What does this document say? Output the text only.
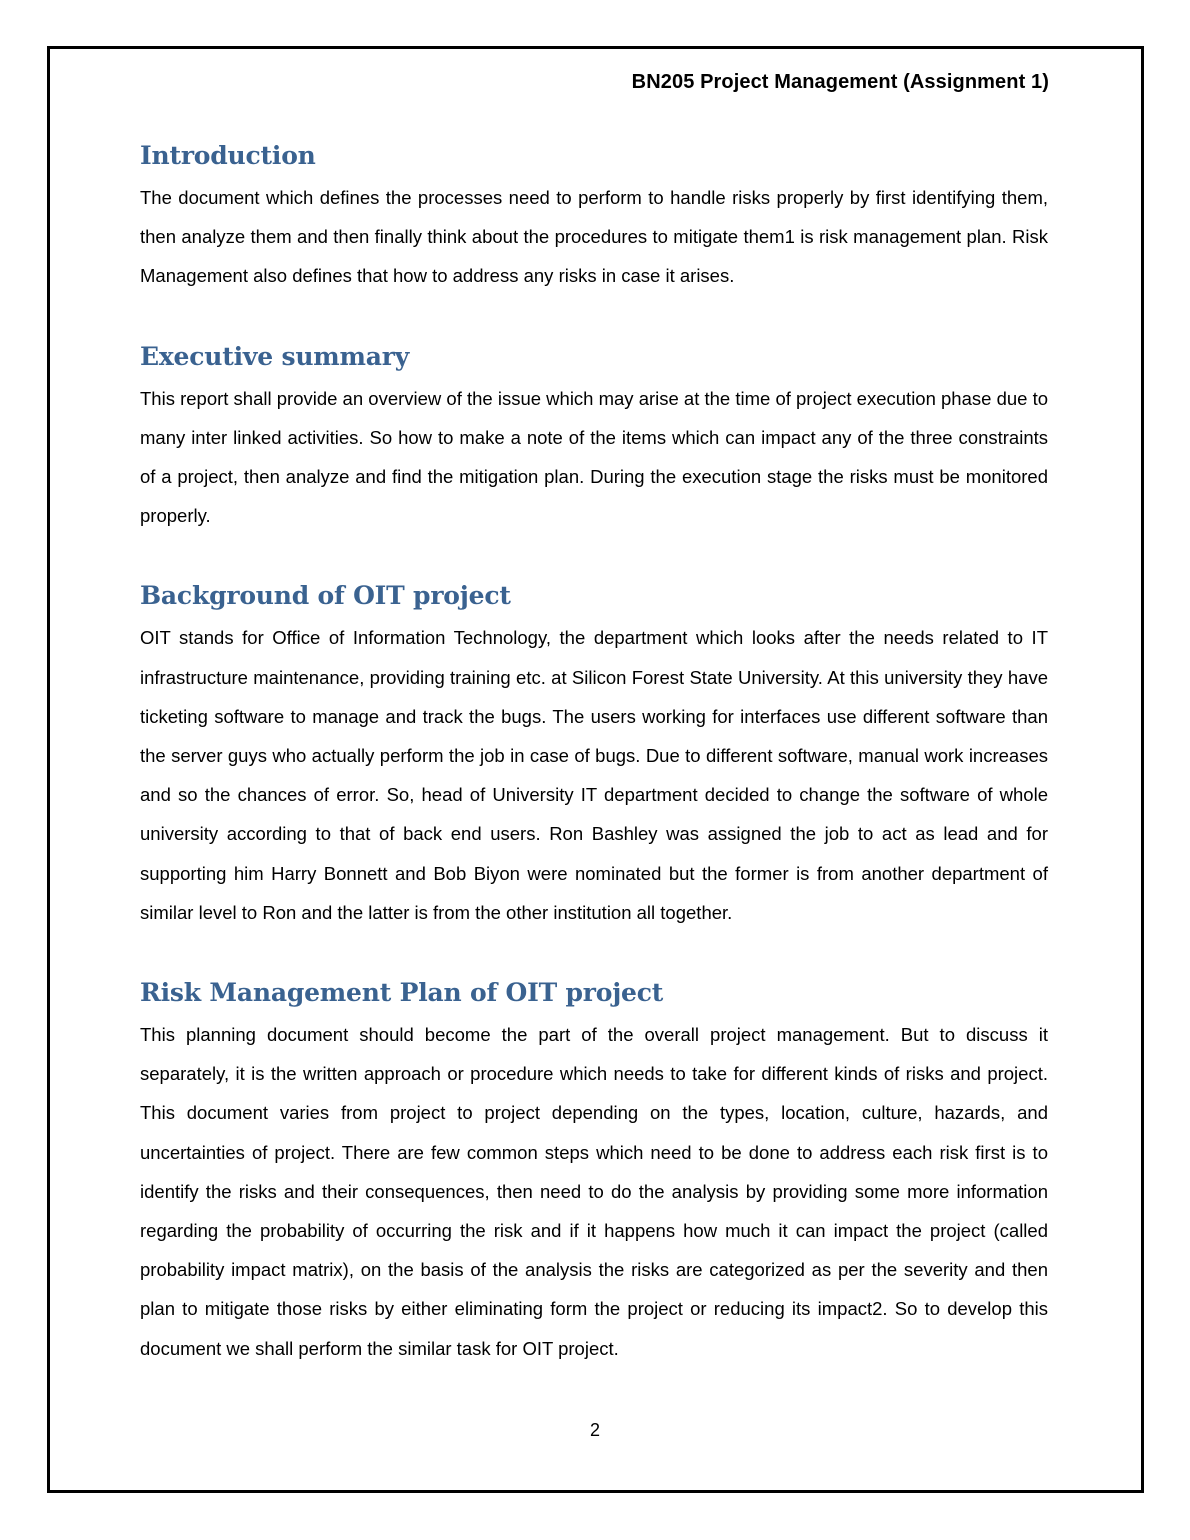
BN205 Project Management (Assignment 1)
Introduction

The document which defines the processes need to perform to handle risks properly by first identifying them, then analyze them and then finally think about the procedures to mitigate them1 is risk management plan. Risk Management also defines that how to address any risks in case it arises.

Executive summary

This report shall provide an overview of the issue which may arise at the time of project execution phase due to many inter linked activities. So how to make a note of the items which can impact any of the three constraints of a project, then analyze and find the mitigation plan. During the execution stage the risks must be monitored properly.

Background of OIT project

OIT stands for Office of Information Technology, the department which looks after the needs related to IT infrastructure maintenance, providing training etc. at Silicon Forest State University. At this university they have ticketing software to manage and track the bugs. The users working for interfaces use different software than the server guys who actually perform the job in case of bugs. Due to different software, manual work increases and so the chances of error. So, head of University IT department decided to change the software of whole university according to that of back end users. Ron Bashley was assigned the job to act as lead and for supporting him Harry Bonnett and Bob Biyon were nominated but the former is from another department of similar level to Ron and the latter is from the other institution all together.

Risk Management Plan of OIT project

This planning document should become the part of the overall project management. But to discuss it separately, it is the written approach or procedure which needs to take for different kinds of risks and project. This document varies from project to project depending on the types, location, culture, hazards, and uncertainties of project. There are few common steps which need to be done to address each risk first is to identify the risks and their consequences, then need to do the analysis by providing some more information regarding the probability of occurring the risk and if it happens how much it can impact the project (called probability impact matrix), on the basis of the analysis the risks are categorized as per the severity and then plan to mitigate those risks by either eliminating form the project or reducing its impact2. So to develop this document we shall perform the similar task for OIT project.

2
